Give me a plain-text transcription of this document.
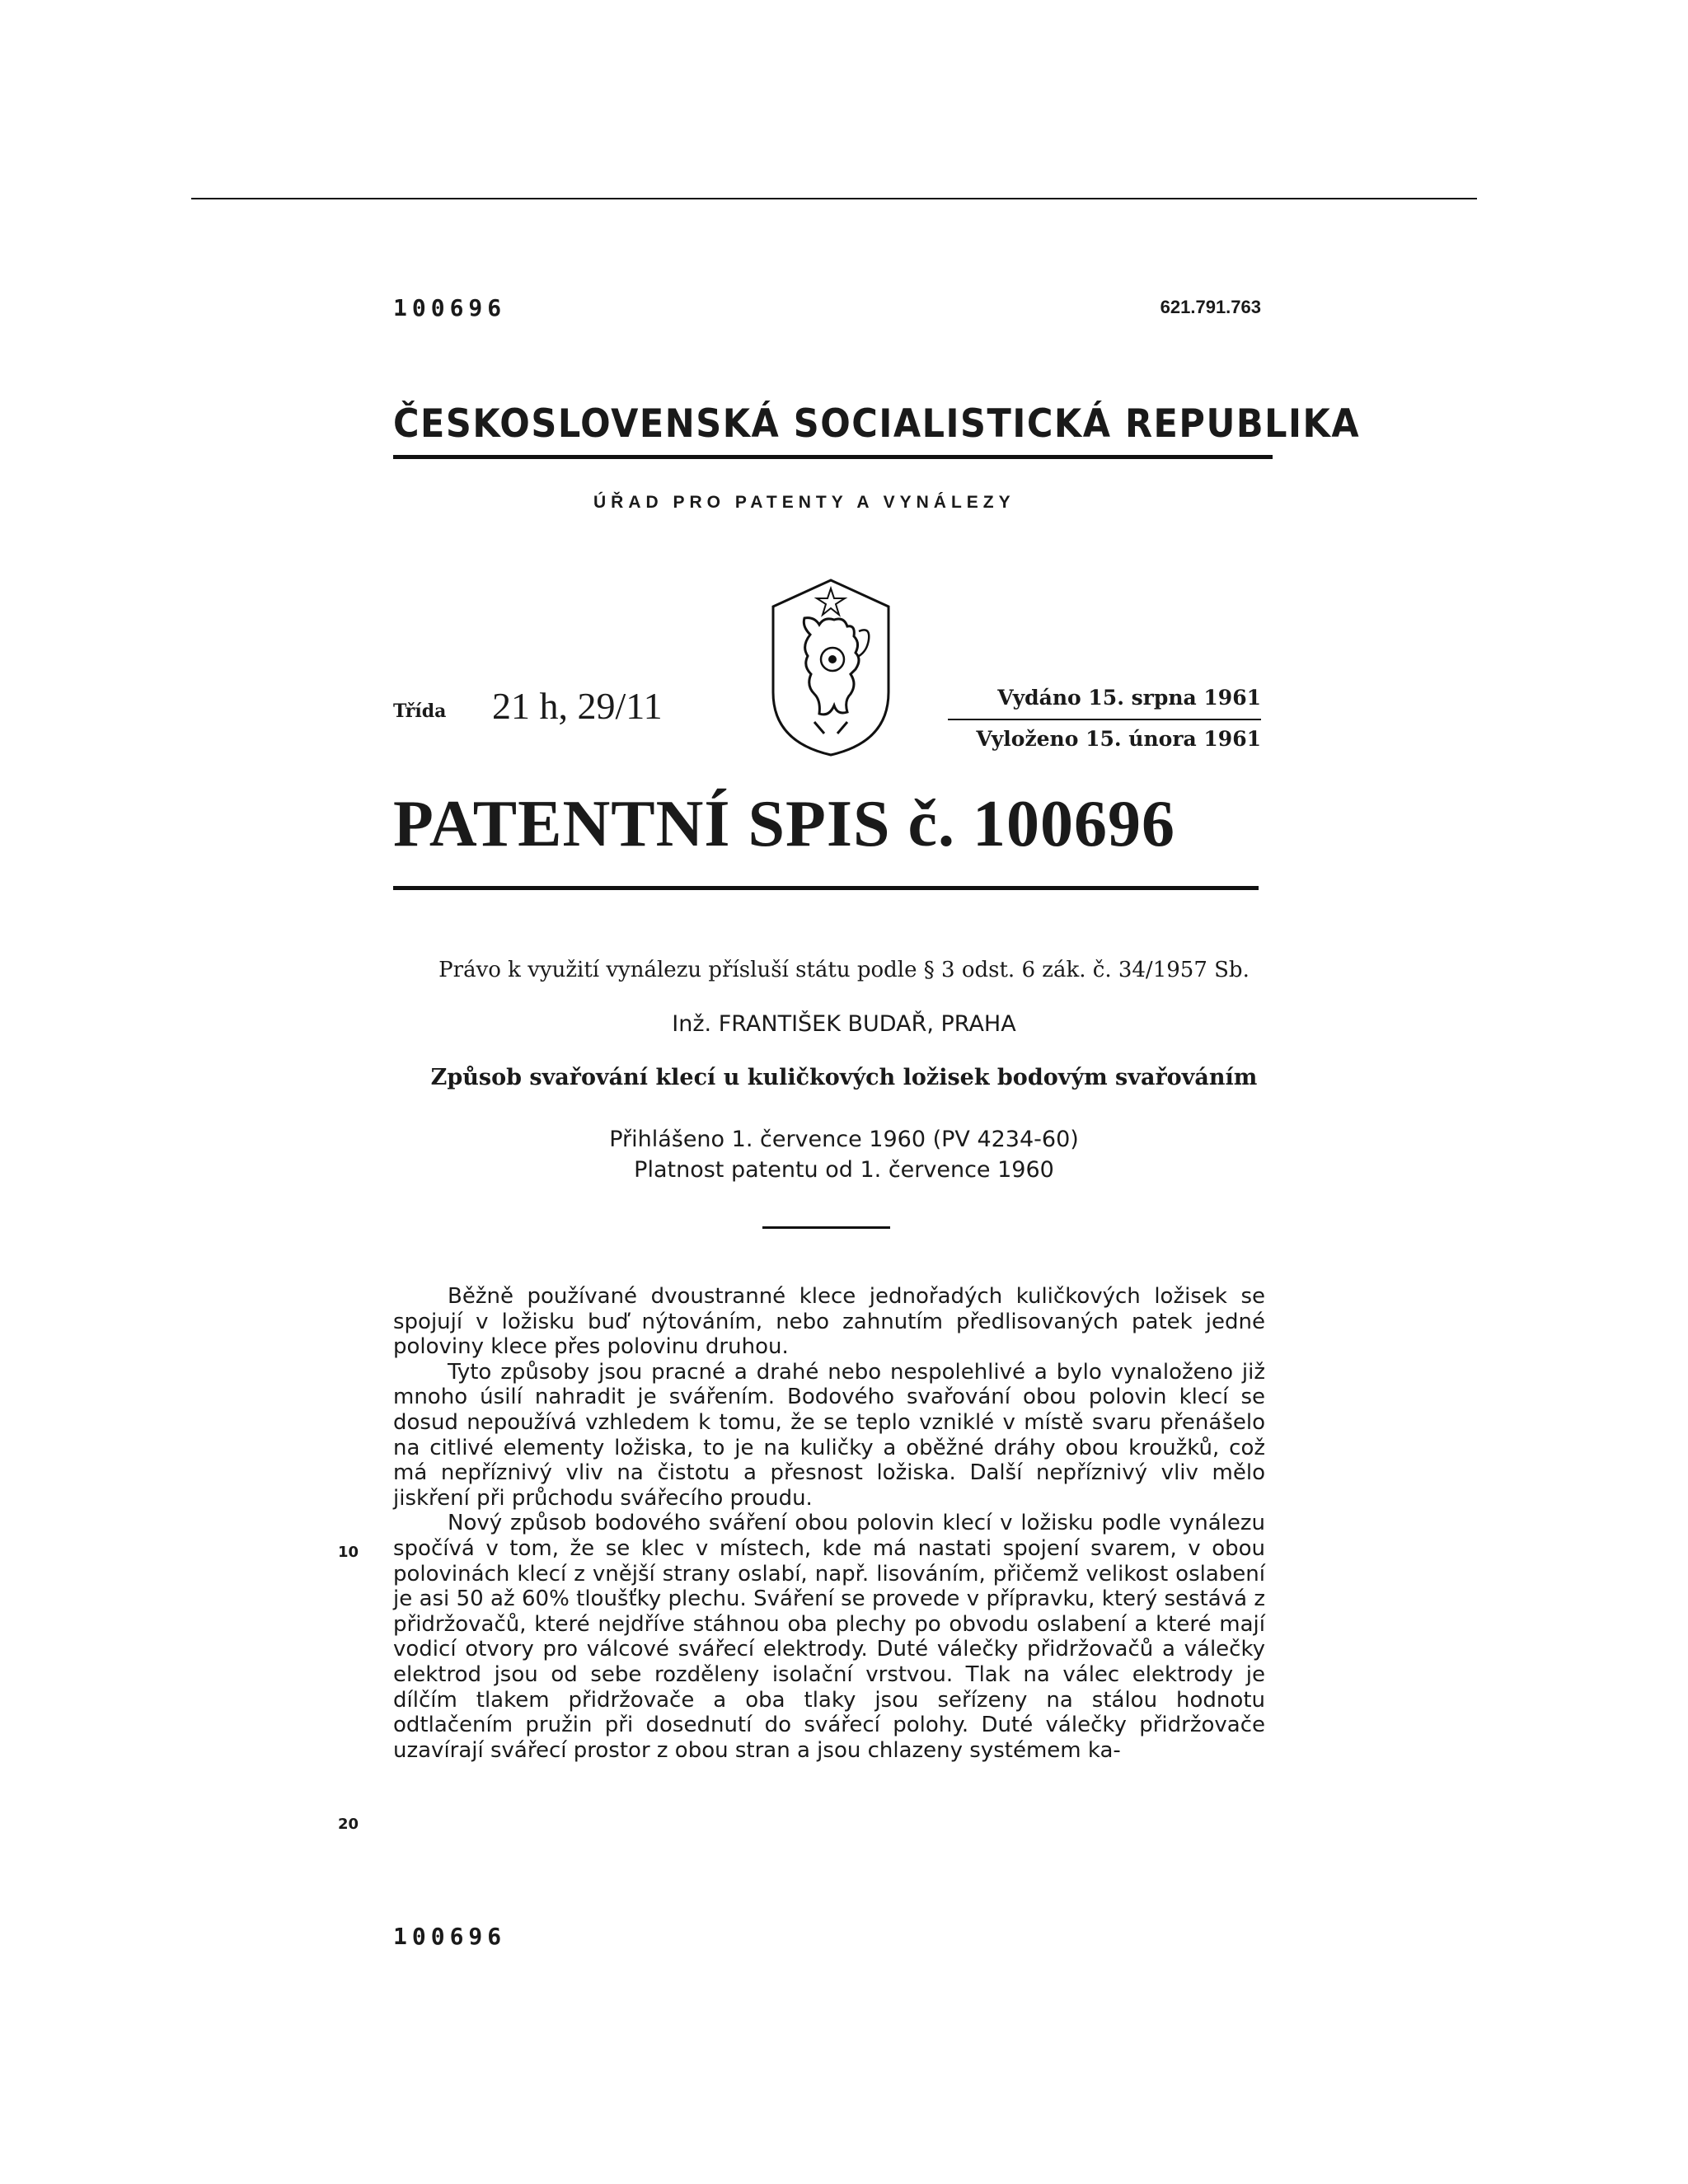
100696	621.791.763
ČESKOSLOVENSKÁ SOCIALISTICKÁ REPUBLIKA
ÚŘAD PRO PATENTY A VYNÁLEZY
Třída 21 h, 29/11	Vydáno 15. srpna 1961
Vyloženo 15. února 1961
PATENTNÍ SPIS č. 100696
Právo k využití vynálezu přísluší státu podle § 3 odst. 6 zák. č. 34/1957 Sb.
Inž. FRANTIŠEK BUDAŘ, PRAHA
Způsob svařování klecí u kuličkových ložisek bodovým svařováním
Přihlášeno 1. července 1960 (PV 4234-60)
Platnost patentu od 1. července 1960

Běžně používané dvoustranné klece jednořadých kuličkových ložisek se spojují v ložisku buď nýtováním, nebo zahnutím předlisovaných patek jedné poloviny klece přes polovinu druhou.

Tyto způsoby jsou pracné a drahé nebo nespolehlivé a bylo vynaloženo již mnoho úsilí nahradit je svářením. Bodového svařování obou polovin klecí se dosud nepoužívá vzhledem k tomu, že se teplo vzniklé v místě svaru přenášelo na citlivé elementy ložiska, to je na kuličky a oběžné dráhy obou kroužků, což má nepříznivý vliv na čistotu a přesnost ložiska. Další nepříznivý vliv mělo jiskření při průchodu svářecího proudu.

Nový způsob bodového sváření obou polovin klecí v ložisku podle vynálezu spočívá v tom, že se klec v místech, kde má nastati spojení svarem, v obou polovinách klecí z vnější strany oslabí, např. lisováním, přičemž velikost oslabení je asi 50 až 60% tloušťky plechu. Sváření se provede v přípravku, který sestává z přidržovačů, které nejdříve stáhnou oba plechy po obvodu oslabení a které mají vodicí otvory pro válcové svářecí elektrody. Duté válečky přidržovačů a válečky elektrod jsou od sebe rozděleny isolační vrstvou. Tlak na válec elektrody je dílčím tlakem přidržovače a oba tlaky jsou seřízeny na stálou hodnotu odtlačením pružin při dosednutí do svářecí polohy. Duté válečky přidržovače uzavírají svářecí prostor z obou stran a jsou chlazeny systémem ka-

10
20
100696
